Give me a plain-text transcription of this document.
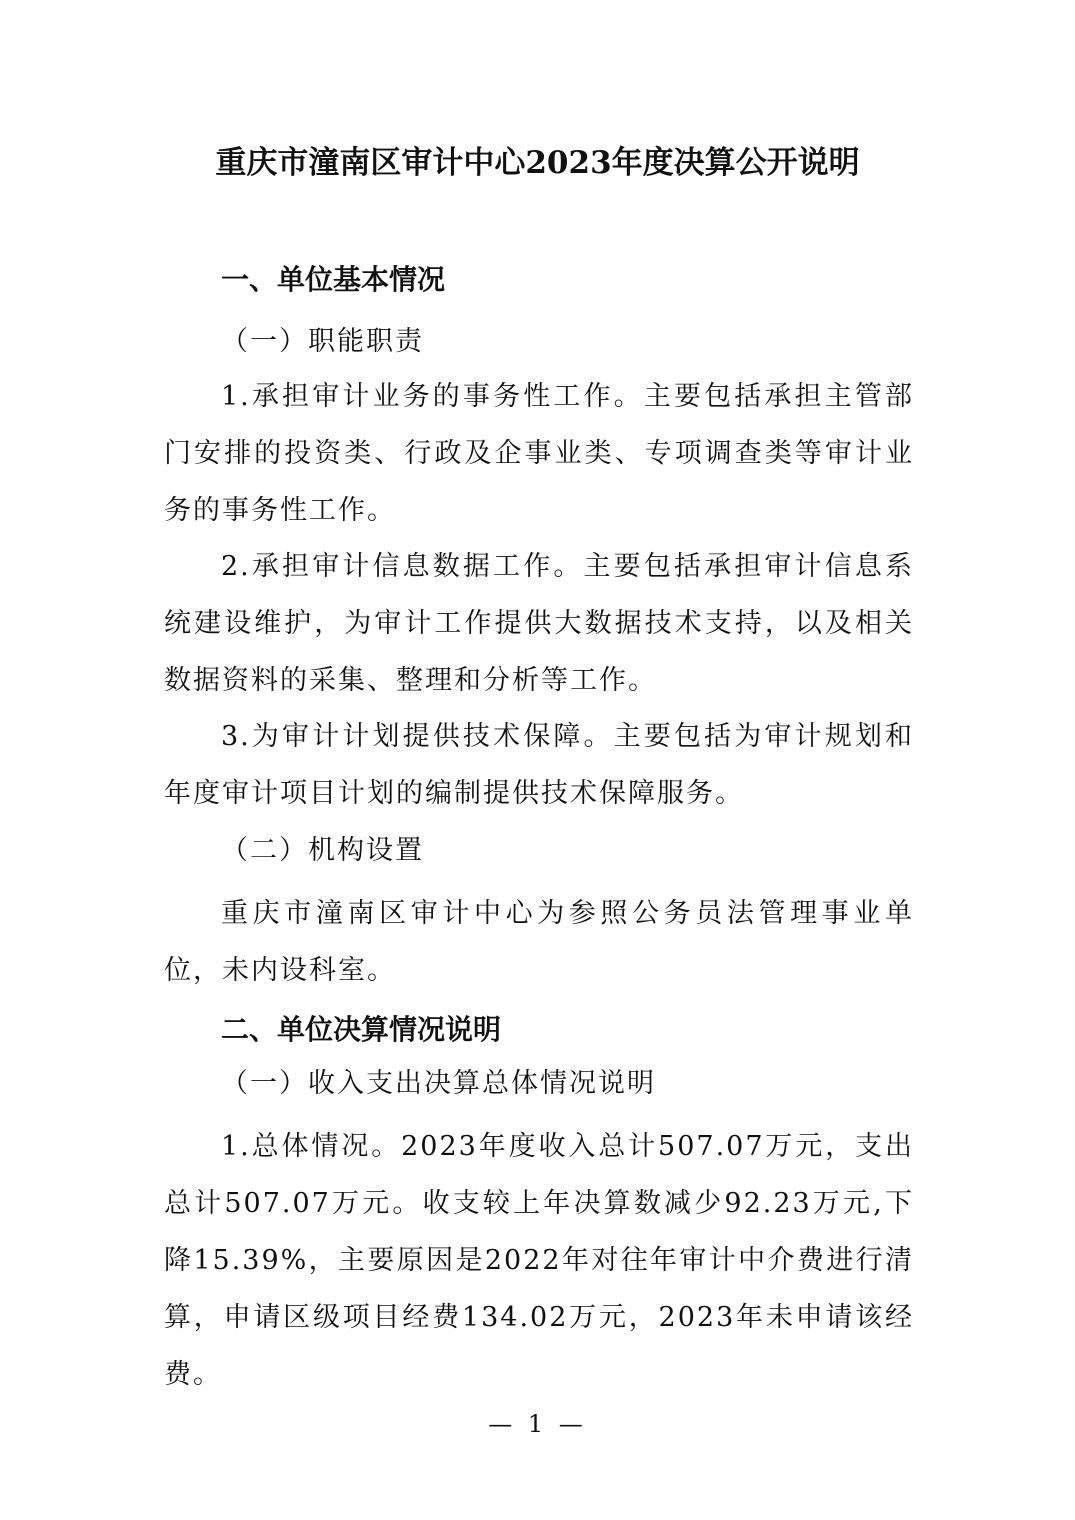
重庆市潼南区审计中心2023年度决算公开说明
一、单位基本情况
（一）职能职责
1.承担审计业务的事务性工作。主要包括承担主管部门安排的投资类、行政及企事业类、专项调查类等审计业务的事务性工作。
2.承担审计信息数据工作。主要包括承担审计信息系统建设维护，为审计工作提供大数据技术支持，以及相关数据资料的采集、整理和分析等工作。
3.为审计计划提供技术保障。主要包括为审计规划和年度审计项目计划的编制提供技术保障服务。
（二）机构设置
重庆市潼南区审计中心为参照公务员法管理事业单位，未内设科室。
二、单位决算情况说明
（一）收入支出决算总体情况说明
1.总体情况。2023年度收入总计507.07万元，支出总计507.07万元。收支较上年决算数减少92.23万元,下降15.39%，主要原因是2022年对往年审计中介费进行清算，申请区级项目经费134.02万元，2023年未申请该经费。
— 1 —
